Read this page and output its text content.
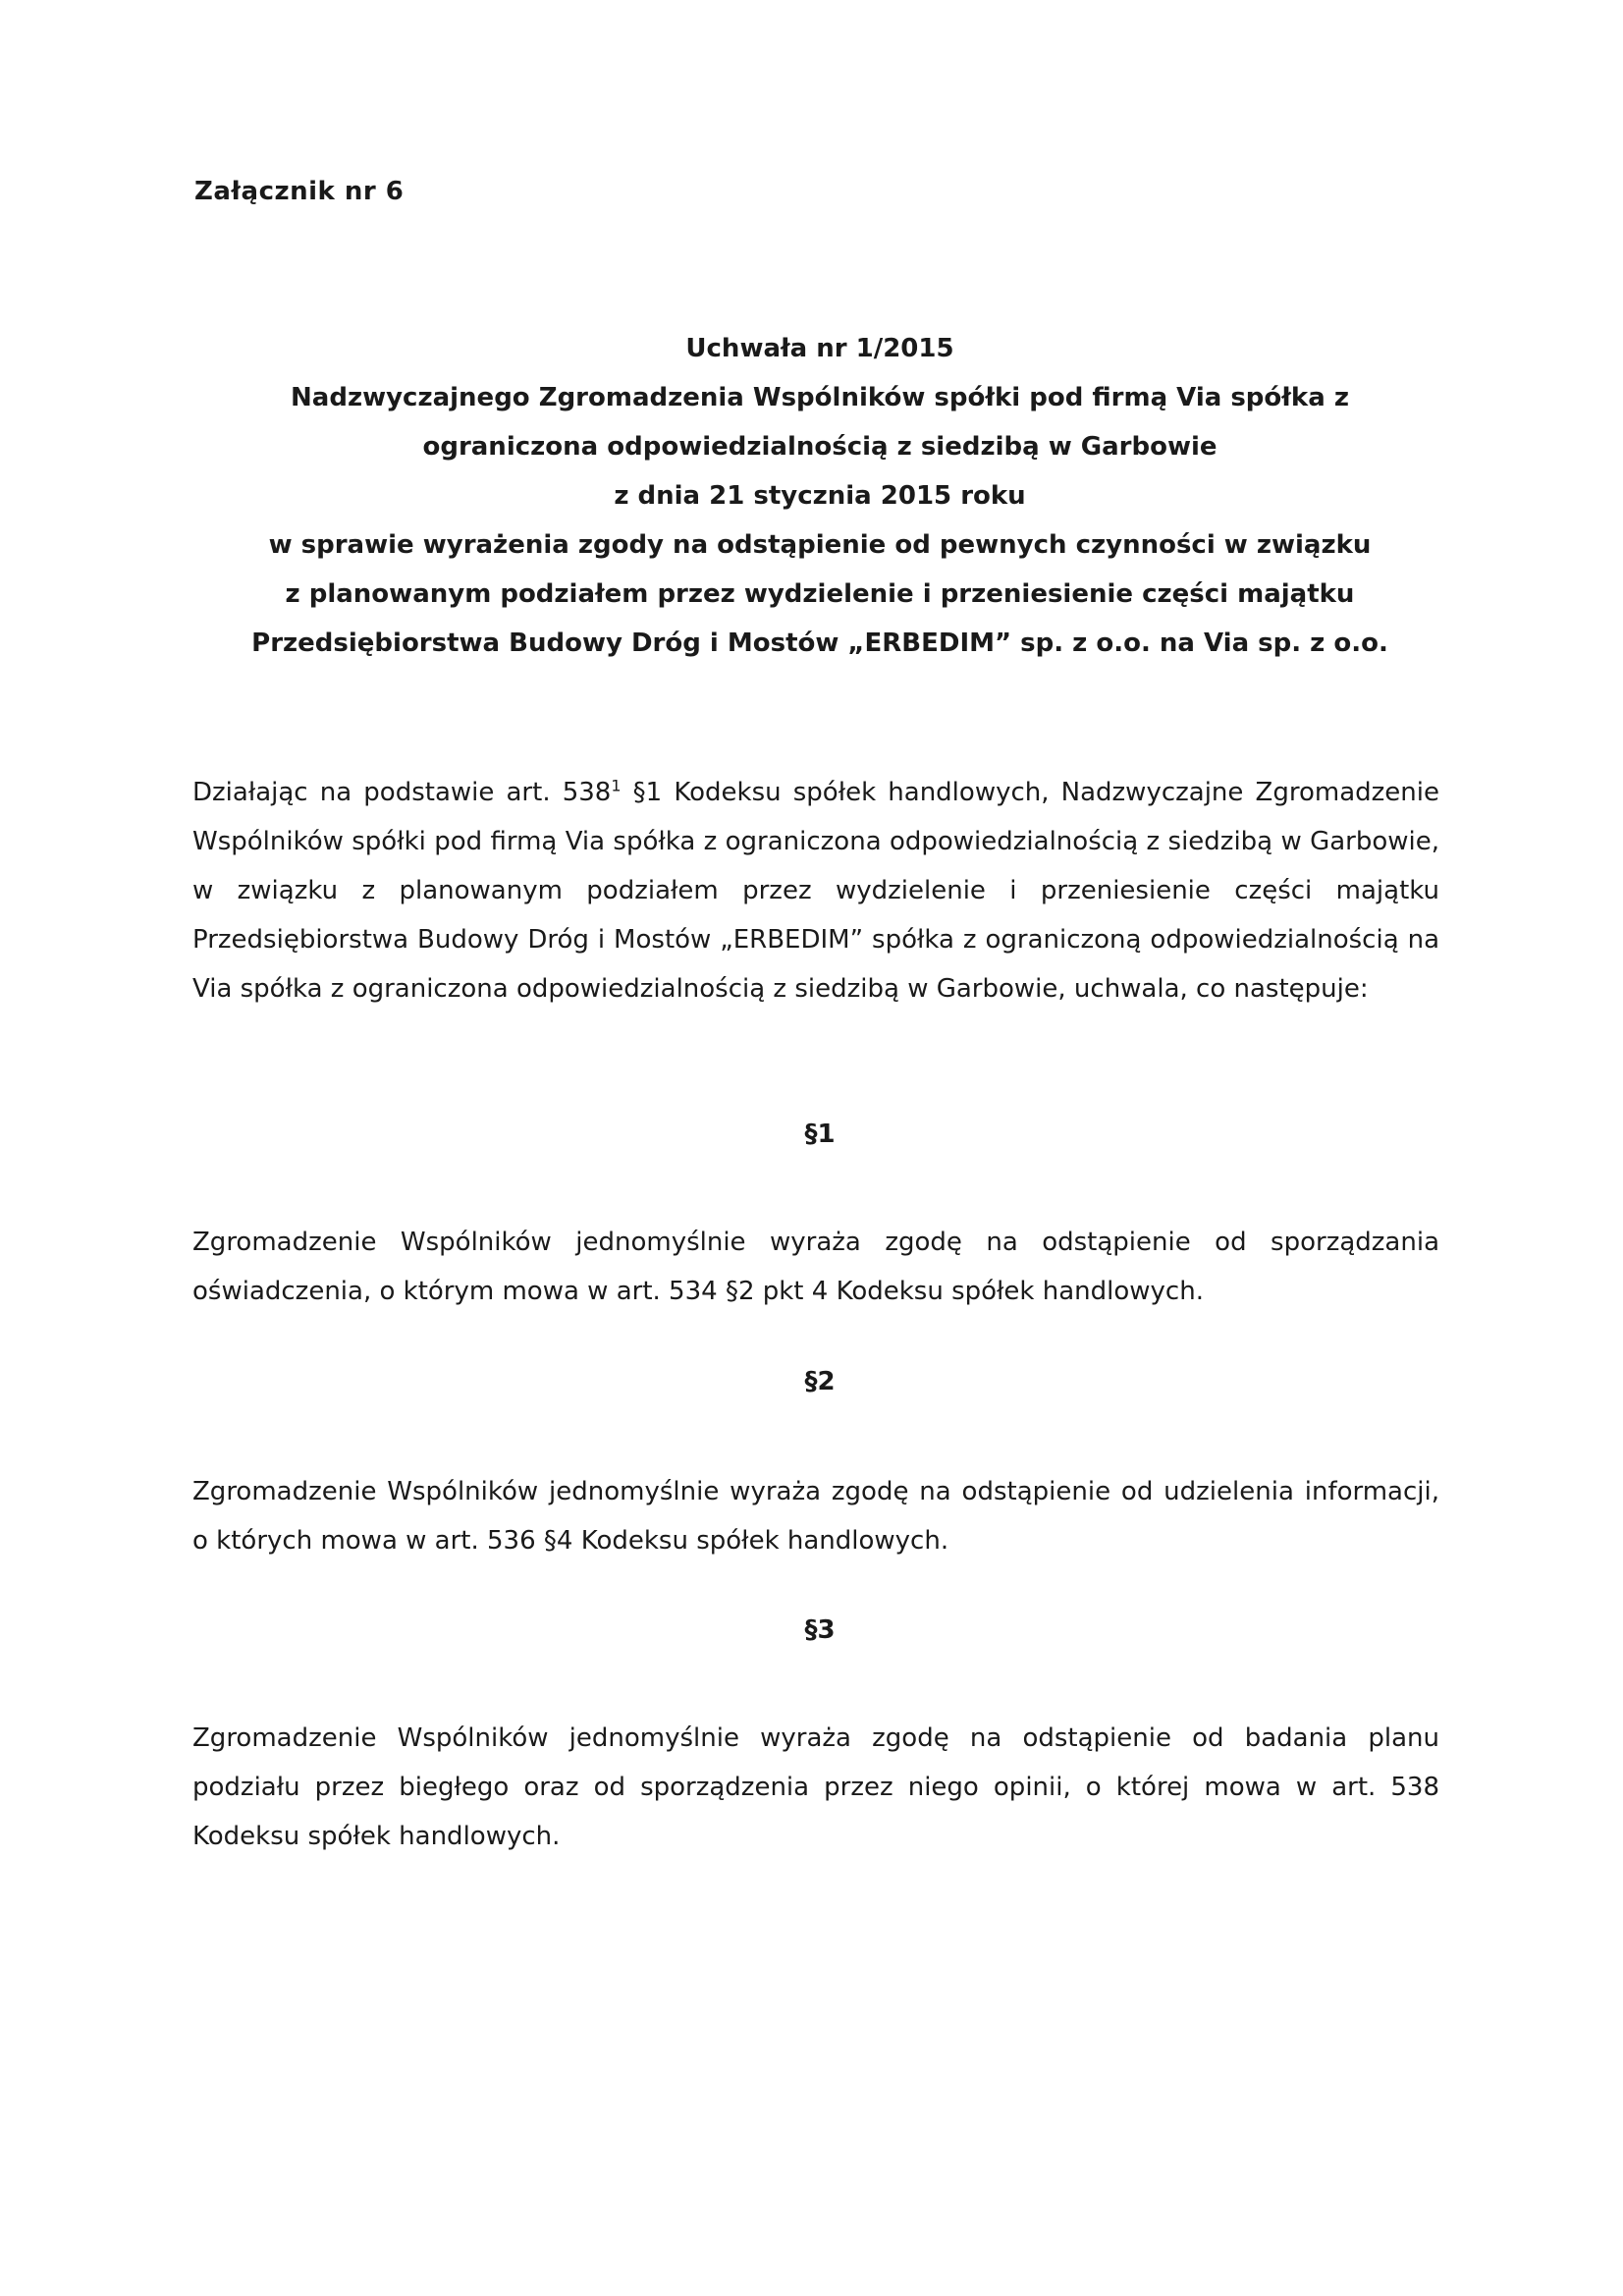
Załącznik nr 6

Uchwała nr 1/2015
Nadzwyczajnego Zgromadzenia Wspólników spółki pod firmą Via spółka z
ograniczona odpowiedzialnością z siedzibą w Garbowie
z dnia 21 stycznia 2015 roku
w sprawie wyrażenia zgody na odstąpienie od pewnych czynności w związku
z planowanym podziałem przez wydzielenie i przeniesienie części majątku
Przedsiębiorstwa Budowy Dróg i Mostów „ERBEDIM” sp. z o.o. na Via sp. z o.o.

Działając na podstawie art. $538^1$ §1 Kodeksu spółek handlowych, Nadzwyczajne Zgromadzenie Wspólników spółki pod firmą Via spółka z ograniczona odpowiedzialnością z siedzibą w Garbowie, w związku z planowanym podziałem przez wydzielenie i przeniesienie części majątku Przedsiębiorstwa Budowy Dróg i Mostów „ERBEDIM” spółka z ograniczoną odpowiedzialnością na Via spółka z ograniczona odpowiedzialnością z siedzibą w Garbowie, uchwala, co następuje:

§1

Zgromadzenie Wspólników jednomyślnie wyraża zgodę na odstąpienie od sporządzania oświadczenia, o którym mowa w art. 534 §2 pkt 4 Kodeksu spółek handlowych.

§2

Zgromadzenie Wspólników jednomyślnie wyraża zgodę na odstąpienie od udzielenia informacji, o których mowa w art. 536 §4 Kodeksu spółek handlowych.

§3

Zgromadzenie Wspólników jednomyślnie wyraża zgodę na odstąpienie od badania planu podziału przez biegłego oraz od sporządzenia przez niego opinii, o której mowa w art. 538 Kodeksu spółek handlowych.
